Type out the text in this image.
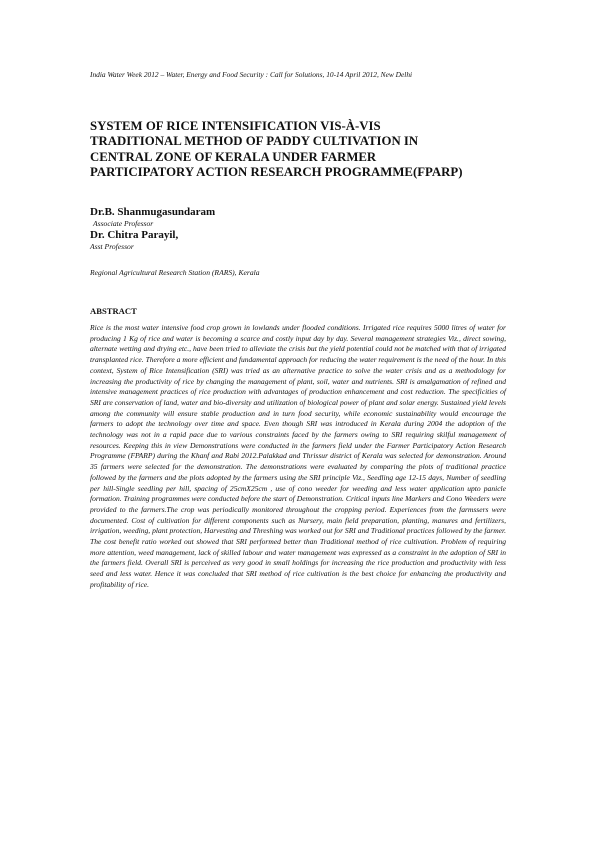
India Water Week 2012 – Water, Energy and Food Security : Call for Solutions, 10-14 April 2012, New Delhi
SYSTEM OF RICE INTENSIFICATION VIS-À-VIS
TRADITIONAL METHOD OF PADDY CULTIVATION IN
CENTRAL ZONE OF KERALA UNDER FARMER
PARTICIPATORY ACTION RESEARCH PROGRAMME(FPARP)
Dr.B. Shanmugasundaram
Associate Professor
Dr. Chitra Parayil,
Asst Professor
Regional Agricultural Research Station (RARS), Kerala
ABSTRACT

Rice is the most water intensive food crop grown in lowlands under flooded conditions. Irrigated rice requires 5000 litres of water for producing 1 Kg of rice and water is becoming a scarce and costly input day by day. Several management strategies Viz., direct sowing, alternate wetting and drying etc., have been tried to alleviate the crisis but the yield potential could not be matched with that of irrigated transplanted rice. Therefore a more efficient and fundamental approach for reducing the water requirement is the need of the hour. In this context, System of Rice Intensification (SRI) was tried as an alternative practice to solve the water crisis and as a methodology for increasing the productivity of rice by changing the management of plant, soil, water and nutrients. SRI is amalgamation of refined and intensive management practices of rice production with advantages of production enhancement and cost reduction. The specificities of SRI are conservation of land, water and bio-diversity and utilization of biological power of plant and solar energy. Sustained yield levels among the community will ensure stable production and in turn food security, while economic sustainability would encourage the farmers to adopt the technology over time and space. Even though SRI was introduced in Kerala during 2004 the adoption of the technology was not in a rapid pace due to various constraints faced by the farmers owing to SRI requiring skilful management of resources. Keeping this in view Demonstrations were conducted in the farmers field under the Farmer Participatory Action Research Programme (FPARP) during the Khanf and Rabi 2012.Palakkad and Thrissur district of Kerala was selected for demonstration. Around 35 farmers were selected for the demonstration. The demonstrations were evaluated by comparing the plots of traditional practice followed by the farmers and the plots adopted by the farmers using the SRI principle Viz., Seedling age 12-15 days, Number of seedling per hill-Single seedling per hill, spacing of 25cmX25cm , use of cono weeder for weeding and less water application upto panicle formation. Training programmes were conducted before the start of Demonstration. Critical inputs line Markers and Cono Weeders were provided to the farmers.The crop was periodically monitored throughout the cropping period. Experiences from the farmssers were documented. Cost of cultivation for different components such as Nursery, main field preparation, planting, manures and fertilizers, irrigation, weeding, plant protection, Harvesting and Threshing was worked out for SRI and Traditional practices followed by the farmer. The cost benefit ratio worked out showed that SRI performed better than Traditional method of rice cultivation. Problem of requiring more attention, weed management, lack of skilled labour and water management was expressed as a constraint in the adoption of SRI in the farmers field. Overall SRI is perceived as very good in small holdings for increasing the rice production and productivity with less seed and less water. Hence it was concluded that SRI method of rice cultivation is the best choice for enhancing the productivity and profitability of rice.
